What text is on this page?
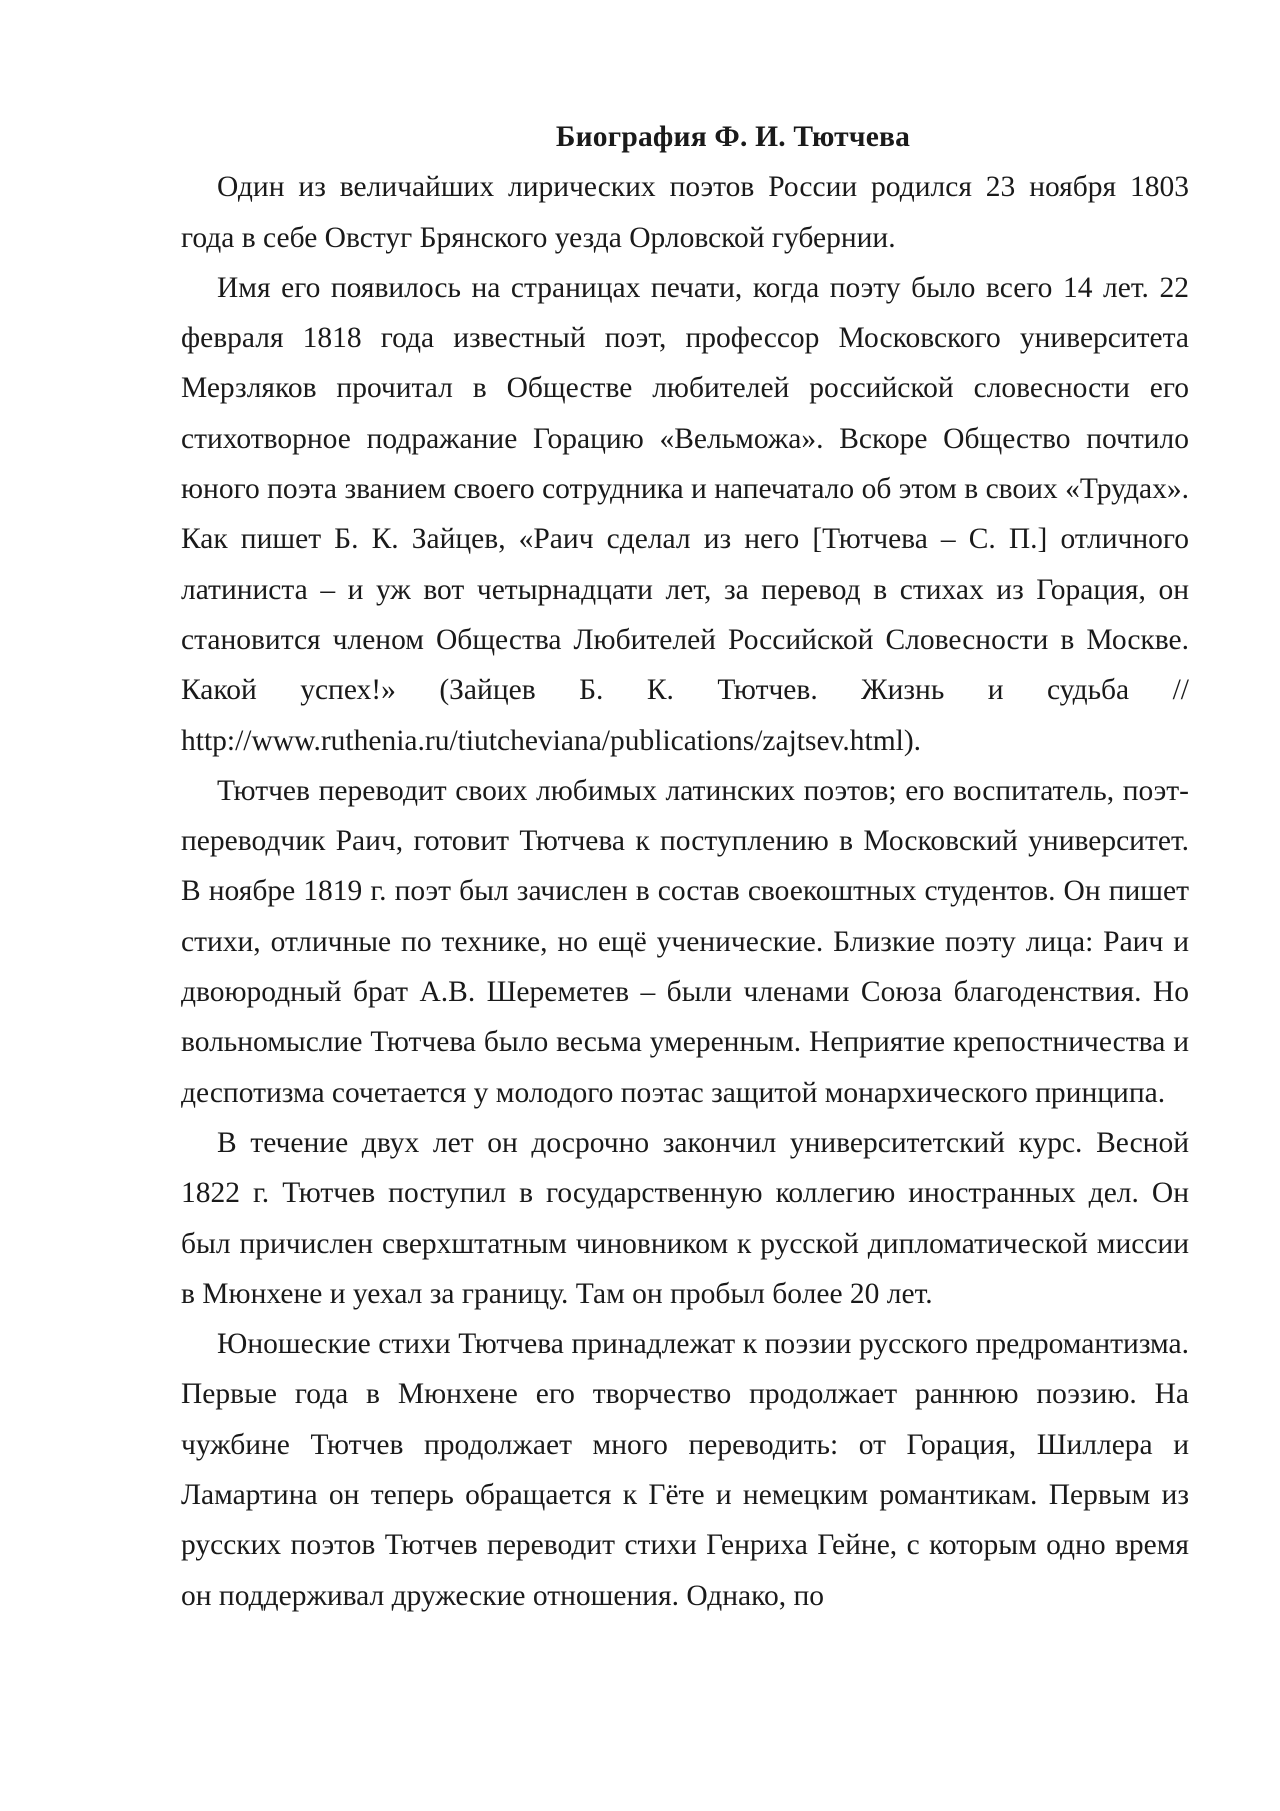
Биография Ф. И. Тютчева

Один из величайших лирических поэтов России родился 23 ноября 1803 года в себе Овстуг Брянского уезда Орловской губернии.

Имя его появилось на страницах печати, когда поэту было всего 14 лет. 22 февраля 1818 года известный поэт, профессор Московского университета Мерзляков прочитал в Обществе любителей российской словесности его стихотворное подражание Горацию «Вельможа». Вскоре Общество почтило юного поэта званием своего сотрудника и напечатало об этом в своих «Трудах». Как пишет Б. К. Зайцев, «Раич сделал из него [Тютчева – С. П.] отличного латиниста – и уж вот четырнадцати лет, за перевод в стихах из Горация, он становится членом Общества Любителей Российской Словесности в Москве. Какой успех!» (Зайцев Б. К. Тютчев. Жизнь и судьба // http://www.ruthenia.ru/tiutcheviana/publications/zajtsev.html).

Тютчев переводит своих любимых латинских поэтов; его воспитатель, поэт-переводчик Раич, готовит Тютчева к поступлению в Московский университет. В ноябре 1819 г. поэт был зачислен в состав своекоштных студентов. Он пишет стихи, отличные по технике, но ещё ученические. Близкие поэту лица: Раич и двоюродный брат А.В. Шереметев – были членами Союза благоденствия. Но вольномыслие Тютчева было весьма умеренным. Неприятие крепостничества и деспотизма сочетается у молодого поэтас защитой монархического принципа.

В течение двух лет он досрочно закончил университетский курс. Весной 1822 г. Тютчев поступил в государственную коллегию иностранных дел. Он был причислен сверхштатным чиновником к русской дипломатической миссии в Мюнхене и уехал за границу. Там он пробыл более 20 лет.

Юношеские стихи Тютчева принадлежат к поэзии русского предромантизма. Первые года в Мюнхене его творчество продолжает раннюю поэзию. На чужбине Тютчев продолжает много переводить: от Горация, Шиллера и Ламартина он теперь обращается к Гёте и немецким романтикам. Первым из русских поэтов Тютчев переводит стихи Генриха Гейне, с которым одно время он поддерживал дружеские отношения. Однако, по
